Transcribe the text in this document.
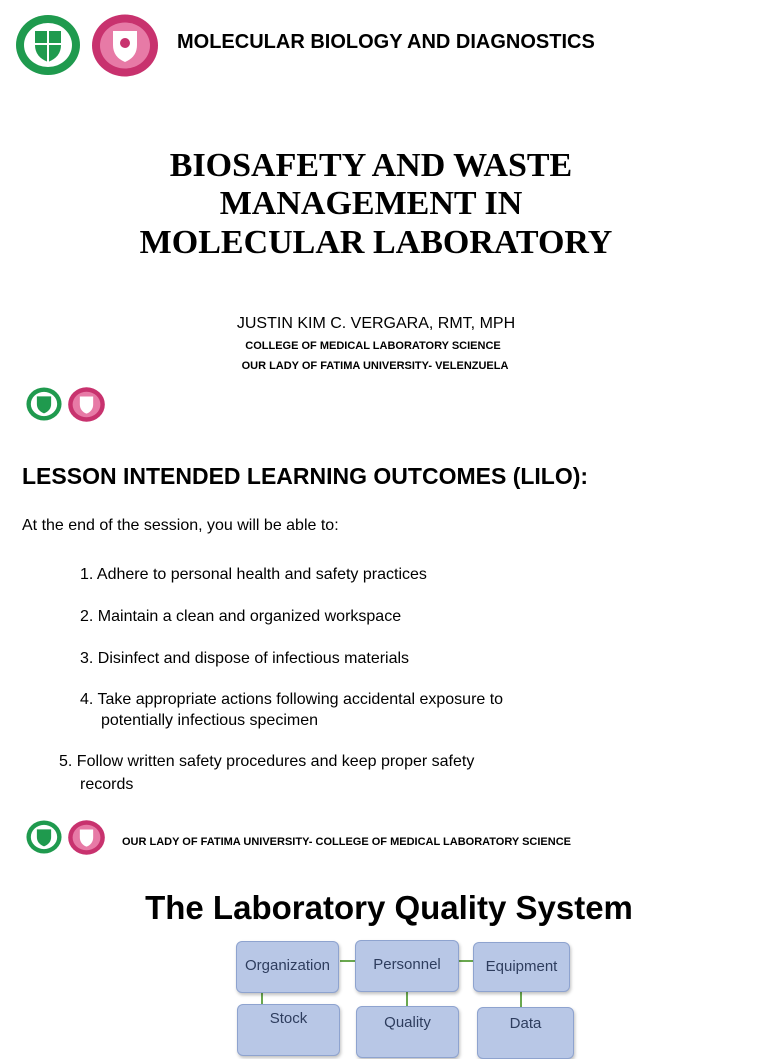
MOLECULAR BIOLOGY AND DIAGNOSTICS
BIOSAFETY AND WASTE
MANAGEMENT IN
MOLECULAR LABORATORY
JUSTIN KIM C. VERGARA, RMT, MPH
COLLEGE OF MEDICAL LABORATORY SCIENCE
OUR LADY OF FATIMA UNIVERSITY- VELENZUELA
LESSON INTENDED LEARNING OUTCOMES (LILO):
At the end of the session, you will be able to:
1. Adhere to personal health and safety practices
2. Maintain a clean and organized workspace
3. Disinfect and dispose of infectious materials
4. Take appropriate actions following accidental exposure to
potentially infectious specimen
5. Follow written safety procedures and keep proper safety
records
OUR LADY OF FATIMA UNIVERSITY- COLLEGE OF MEDICAL LABORATORY SCIENCE
The Laboratory Quality System
Organization	Personnel	Equipment
Stock	Quality	Data
